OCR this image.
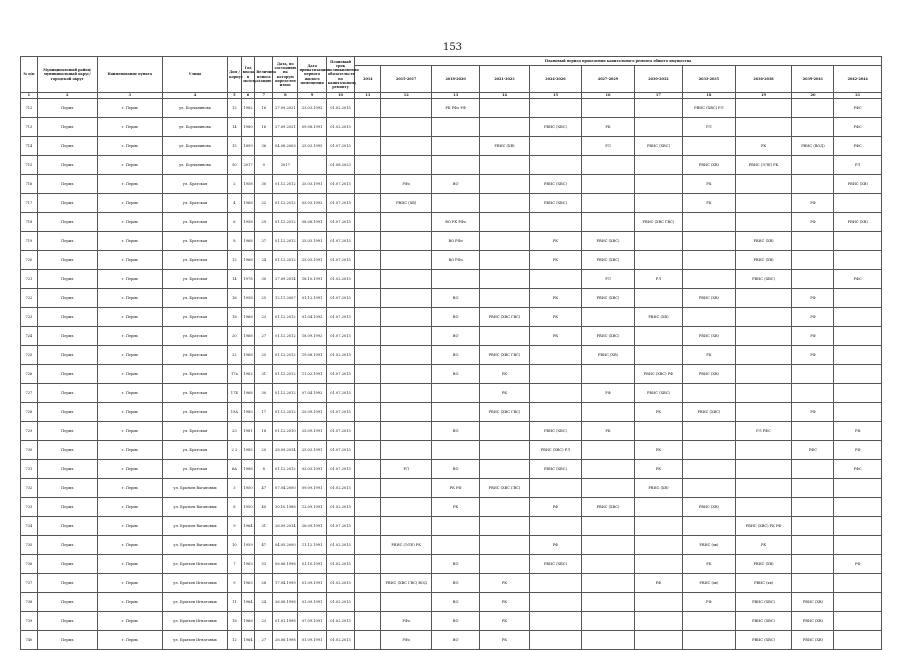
153
№ п/п	Муниципальный район/ муниципальный округ/городской округ	Наименование пункта	Улица	Дом / корпус	Год ввода в эксплуатацию	Величина износа	Дата, по состоянию на которую определен износ	Дата приватизации первого жилого помещения	Плановый срок возникновения обязательств по капитальному ремонту	Плановый период проведения капитального ремонта общего имущества										
										2014	2015-2017	2018-2020	2021-2023	2024-2026	2027-2029	2030-2032	2033-2035	2036-2038	2039-2041	2042-2044
1	2	3	4	5	6	7	8	9	10	11	12	13	14	15	16	17	18	19	20	21
712	Пермь	г. Пермь	ул. Борчанинова	12	1982	16	27.09.2021	23.03.1992	01.02.2015			РК РФо РФ					РВИС (ХВС) РЛ			РФС
713	Пермь	г. Пермь	ул. Борчанинова	14	1980	16	27.09.2021	09.08.1991	01.02.2015					РВИС (ХВС)	РК		РЛ			РФС
714	Пермь	г. Пермь	ул. Борчанинова	15	1899	36	04.08.2003	25.03.1995	01.07.2015				РВИС (ХВ)		РЛ	РВИС (ХВС)		РК	РВИС (ВОД)	РФС
715	Пермь	г. Пермь	ул. Борчанинова	50	2017	0	2017		01.08.2023								РВИС (ХВ)	РВИС (ЭЛЕ) РК		РЛ
716	Пермь	г. Пермь	ул. Братская	2	1958	30	01.12.2012	25.03.1991	01.07.2015		РФо	ВО		РВИС (ХВС)			РК			РВИС (ХВ)
717	Пермь	г. Пермь	ул. Братская	4	1968	22	01.12.2012	05.03.1992	01.07.2015		РВИС (ХВ)			РВИС (ХВС)			РК		РФ	
718	Пермь	г. Пермь	ул. Братская	6	1958	29	01.12.2012	08.08.1991	01.07.2015			ВО РК РФо				РВИС (ХВС ГВС)			РФ	РВИС (ХВ)
719	Пермь	г. Пермь	ул. Братская	8	1968	27	01.12.2012	25.03.1991	01.07.2015			ВО РФо		РК	РВИС (ХВС)			РВИС (ХВ)		
720	Пермь	г. Пермь	ул. Братская	12	1968	24	01.12.2012	25.03.1991	01.07.2015			ВО РФо		РК	РВИС (ХВС)			РВИС (ХВ)		
721	Пермь	г. Пермь	ул. Братская	14	1978	30	27.09.2014	18.10.1991	01.02.2015						РЛ	РЛ		РВИС (ХВС)		РФС
722	Пермь	г. Пермь	ул. Братская	16	1958	25	12.11.2007	01.12.1991	01.07.2015			ВО		РК	РВИС (ХВС)		РВИС (ХВ)		РФ	
723	Пермь	г. Пермь	ул. Братская	18	1968	23	01.12.2012	01.04.1992	01.07.2015			ВО	РВИС (ХВС ГВС)	РК		РВИС (ХВ)			РФ	
724	Пермь	г. Пермь	ул. Братская	20	1968	27	01.12.2012	18.09.1992	01.07.2015			ВО		РК	РВИС (ХВС)		РВИС (ХВ)		РФ	
725	Пермь	г. Пермь	ул. Братская	22	1968	25	01.12.2012	19.08.1991	01.02.2015			ВО	РВИС (ХВС ГВС)		РВИС (ХВ)		РК		РФ	
726	Пермь	г. Пермь	ул. Братская	17а	1962	31	01.12.2012	11.02.1991	01.07.2015			ВО	РК			РВИС (ХВС) РФ	РВИС (ХВ)			
727	Пермь	г. Пермь	ул. Братская	17Б	1968	30	01.12.2012	07.04.1992	01.07.2015				РК		РФ	РВИС (ХВС)				
728	Пермь	г. Пермь	ул. Братская	19А	1985	17	01.12.2012	25.09.1991	01.07.2015				РВИС (ХВС ГВС)			РК	РВИС (ХВС)		РФ	
729	Пермь	г. Пермь	ул. Братская	23	1981	18	01.12.2010	25.09.1991	01.07.2015			ВО		РВИС (ХВС)	РК			РЛ РФС		РФ
730	Пермь	г. Пермь	ул. Братская	2 2	1985	20	28.09.2014	25.03.1991	01.07.2015					РВИС (ХВС) РЛ		РК			РФС	РФ
731	Пермь	г. Пермь	ул. Братская	6А	1988	8	01.12.2012	02.03.1991	01.07.2015		РЛ	ВО		РВИС (ХВС)		РК				РФС
732	Пермь	г. Пермь	ул. Братьев Вагановых	3	1950	47	07.04.2000	09.09.1991	01.02.2015			РК РФ	РВИС (ХВС ГВС)			РВИС (ХВ)				
733	Пермь	г. Пермь	ул. Братьев Вагановых	8	1950	40	30.10.1988	12.09.1991	01.02.2015			РК		РФ	РВИС (ХВС)		РВИС (ХВ)			
734	Пермь	г. Пермь	ул. Братьев Вагановых	9	1964	31	26.09.2014	26.09.1991	01.07.2015									РВИС (ХВС) РК РФ		
735	Пермь	г. Пермь	ул. Братьев Вагановых	10	1959	47	04.05.2000	11.12.1991	01.02.2015		РВИС (ЭЛЕ) РК			РФ			РВИС (хв)	РК		
736	Пермь	г. Пермь	ул. Братьев Игнатовых	7	1963	53	06.06.1998	01.10.1991	01.02.2015			ВО		РВИС (ХВС)			РК	РВИС (ХВ)		РФ
737	Пермь	г. Пермь	ул. Братьев Игнатовых	9	1963	28	17.04.1999	01.09.1991	01.02.2015		РВИС (ХВС ГВС) ВОД	ВО	РК			РФ	РВИС (хв)	РВИС (хв)		
738	Пермь	г. Пермь	ул. Братьев Игнатовых	11	1964	24	26.08.1998	01.09.1991	01.02.2015			ВО	РК				РФ	РВИС (ХВС)	РВИС (ХВ)	
739	Пермь	г. Пермь	ул. Братьев Игнатовых	18	1966	23	01.01.1998	07.09.1991	01.02.2015		РФо	ВО	РК					РВИС (ХВС)	РВИС (ХВ)	
740	Пермь	г. Пермь	ул. Братьев Игнатовых	12	1964	27	26.08.1998	01.09.1991	01.02.2015		РФо	ВО	РК					РВИС (ХВС)	РВИС (ХВ)	
